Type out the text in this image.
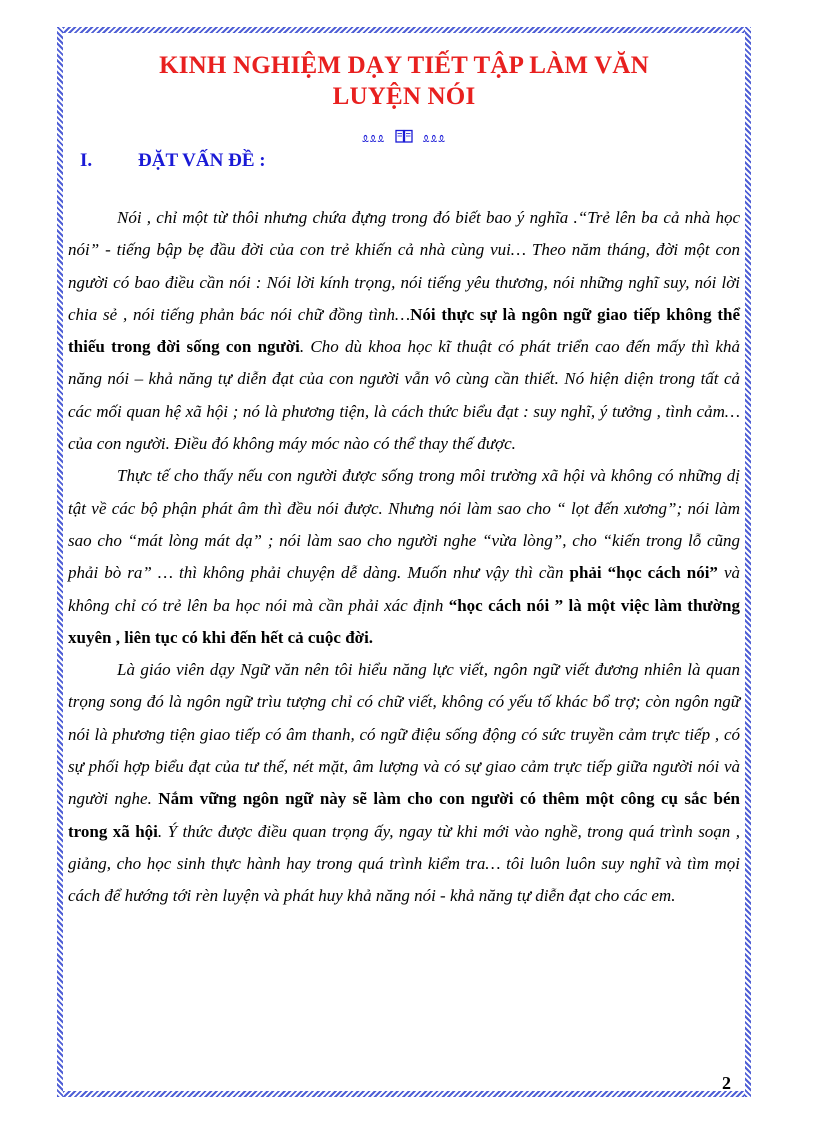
KINH NGHIỆM DẠY TIẾT TẬP LÀM VĂN
LUYỆN NÓI
ᦸᦸᦸ	ᦸᦸᦸ
I.	ĐẶT VẤN ĐỀ :

Nói , chỉ một từ thôi nhưng chứa đựng trong đó biết bao ý nghĩa .“Trẻ lên ba cả nhà học nói” - tiếng bập bẹ đầu đời của con trẻ khiến cả nhà cùng vui… Theo năm tháng, đời một con người có bao điều cần nói : Nói lời kính trọng, nói tiếng yêu thương, nói những nghĩ suy, nói lời chia sẻ , nói tiếng phản bác nói chữ đồng tình…Nói thực sự là ngôn ngữ giao tiếp không thể thiếu trong đời sống con người. Cho dù khoa học kĩ thuật có phát triển cao đến mấy thì khả năng nói – khả năng tự diễn đạt của con người vẫn vô cùng cần thiết. Nó hiện diện trong tất cả các mối quan hệ xã hội ; nó là phương tiện, là cách thức biểu đạt : suy nghĩ, ý tưởng , tình cảm… của con người. Điều đó không máy móc nào có thể thay thế được.

Thực tế cho thấy nếu con người được sống trong môi trường xã hội và không có những dị tật về các bộ phận phát âm thì đều nói được. Nhưng nói làm sao cho “ lọt đến xương”; nói làm sao cho “mát lòng mát dạ” ; nói làm sao cho người nghe “vừa lòng”, cho “kiến trong lỗ cũng phải bò ra” … thì không phải chuyện dễ dàng. Muốn như vậy thì cần phải “học cách nói” và không chỉ có trẻ lên ba học nói mà cần phải xác định “học cách nói ” là một việc làm thường xuyên , liên tục có khi đến hết cả cuộc đời.

Là giáo viên dạy Ngữ văn nên tôi hiểu năng lực viết, ngôn ngữ viết đương nhiên là quan trọng song đó là ngôn ngữ trìu tượng chỉ có chữ viết, không có yếu tố khác bổ trợ; còn ngôn ngữ nói là phương tiện giao tiếp có âm thanh, có ngữ điệu sống động có sức truyền cảm trực tiếp , có sự phối hợp biểu đạt của tư thế, nét mặt, âm lượng và có sự giao cảm trực tiếp giữa người nói và người nghe. Nắm vững ngôn ngữ này sẽ làm cho con người có thêm một công cụ sắc bén trong xã hội. Ý thức được điều quan trọng ấy, ngay từ khi mới vào nghề, trong quá trình soạn , giảng, cho học sinh thực hành hay trong quá trình kiểm tra… tôi luôn luôn suy nghĩ và tìm mọi cách để hướng tới rèn luyện và phát huy khả năng nói - khả năng tự diễn đạt cho các em.

2
